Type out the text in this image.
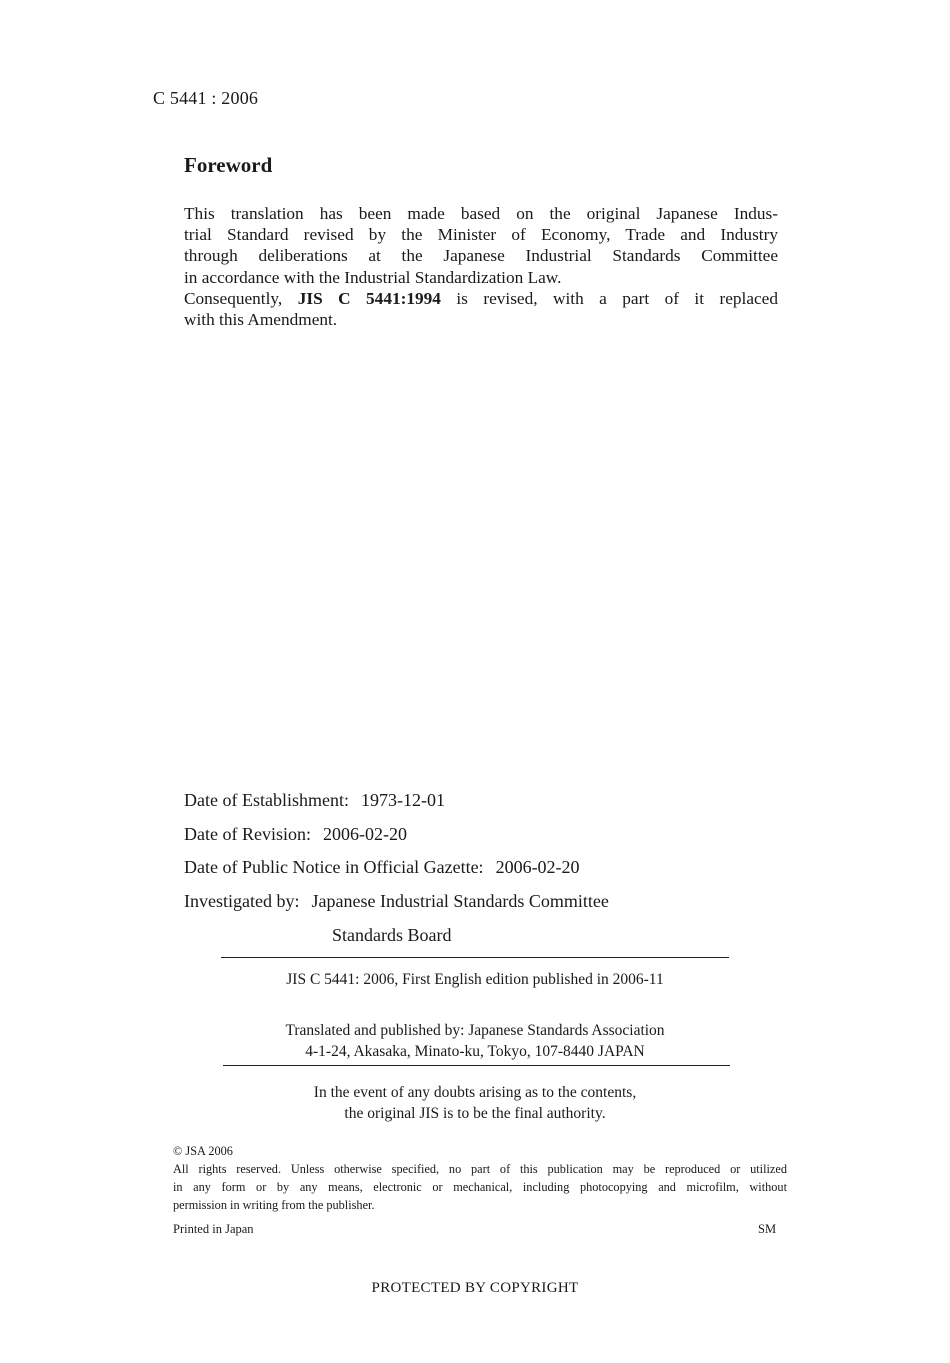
C 5441 : 2006
Foreword
This translation has been made based on the original Japanese Indus-
trial Standard revised by the Minister of Economy, Trade and Industry
through deliberations at the Japanese Industrial Standards Committee
in accordance with the Industrial Standardization Law.
Consequently, JIS C 5441:1994 is revised, with a part of it replaced
with this Amendment.
Date of Establishment: 1973-12-01
Date of Revision: 2006-02-20
Date of Public Notice in Official Gazette: 2006-02-20
Investigated by: Japanese Industrial Standards Committee
Standards Board
JIS C 5441: 2006, First English edition published in 2006-11
Translated and published by: Japanese Standards Association
4-1-24, Akasaka, Minato-ku, Tokyo, 107-8440 JAPAN
In the event of any doubts arising as to the contents,
the original JIS is to be the final authority.
© JSA 2006
All rights reserved. Unless otherwise specified, no part of this publication may be reproduced or utilized
in any form or by any means, electronic or mechanical, including photocopying and microfilm, without
permission in writing from the publisher.
Printed in Japan	SM
PROTECTED BY COPYRIGHT
